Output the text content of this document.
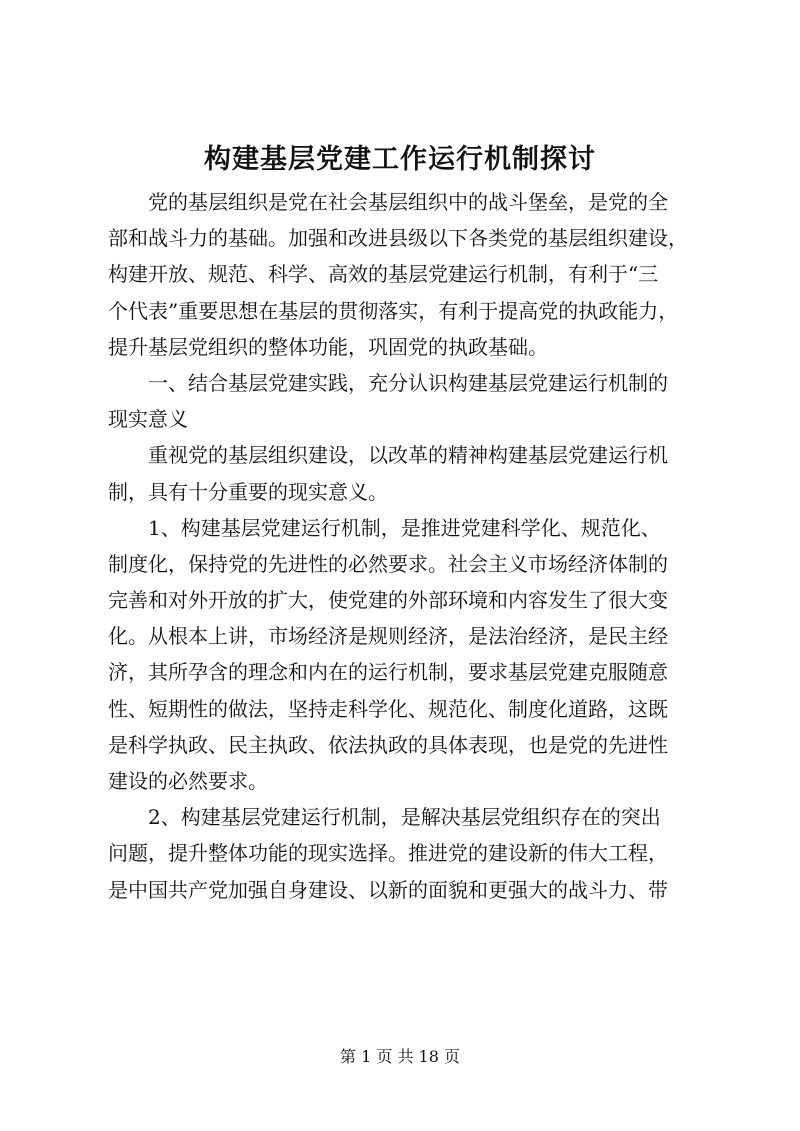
构建基层党建工作运行机制探讨
党的基层组织是党在社会基层组织中的战斗堡垒，是党的全
部和战斗力的基础。加强和改进县级以下各类党的基层组织建设，
构建开放、规范、科学、高效的基层党建运行机制，有利于“三
个代表”重要思想在基层的贯彻落实，有利于提高党的执政能力，
提升基层党组织的整体功能，巩固党的执政基础。
一、结合基层党建实践，充分认识构建基层党建运行机制的
现实意义
重视党的基层组织建设，以改革的精神构建基层党建运行机
制，具有十分重要的现实意义。
1、构建基层党建运行机制，是推进党建科学化、规范化、
制度化，保持党的先进性的必然要求。社会主义市场经济体制的
完善和对外开放的扩大，使党建的外部环境和内容发生了很大变
化。从根本上讲，市场经济是规则经济，是法治经济，是民主经
济，其所孕含的理念和内在的运行机制，要求基层党建克服随意
性、短期性的做法，坚持走科学化、规范化、制度化道路，这既
是科学执政、民主执政、依法执政的具体表现，也是党的先进性
建设的必然要求。
2、构建基层党建运行机制，是解决基层党组织存在的突出
问题，提升整体功能的现实选择。推进党的建设新的伟大工程，
是中国共产党加强自身建设、以新的面貌和更强大的战斗力、带
第 1 页 共 18 页
